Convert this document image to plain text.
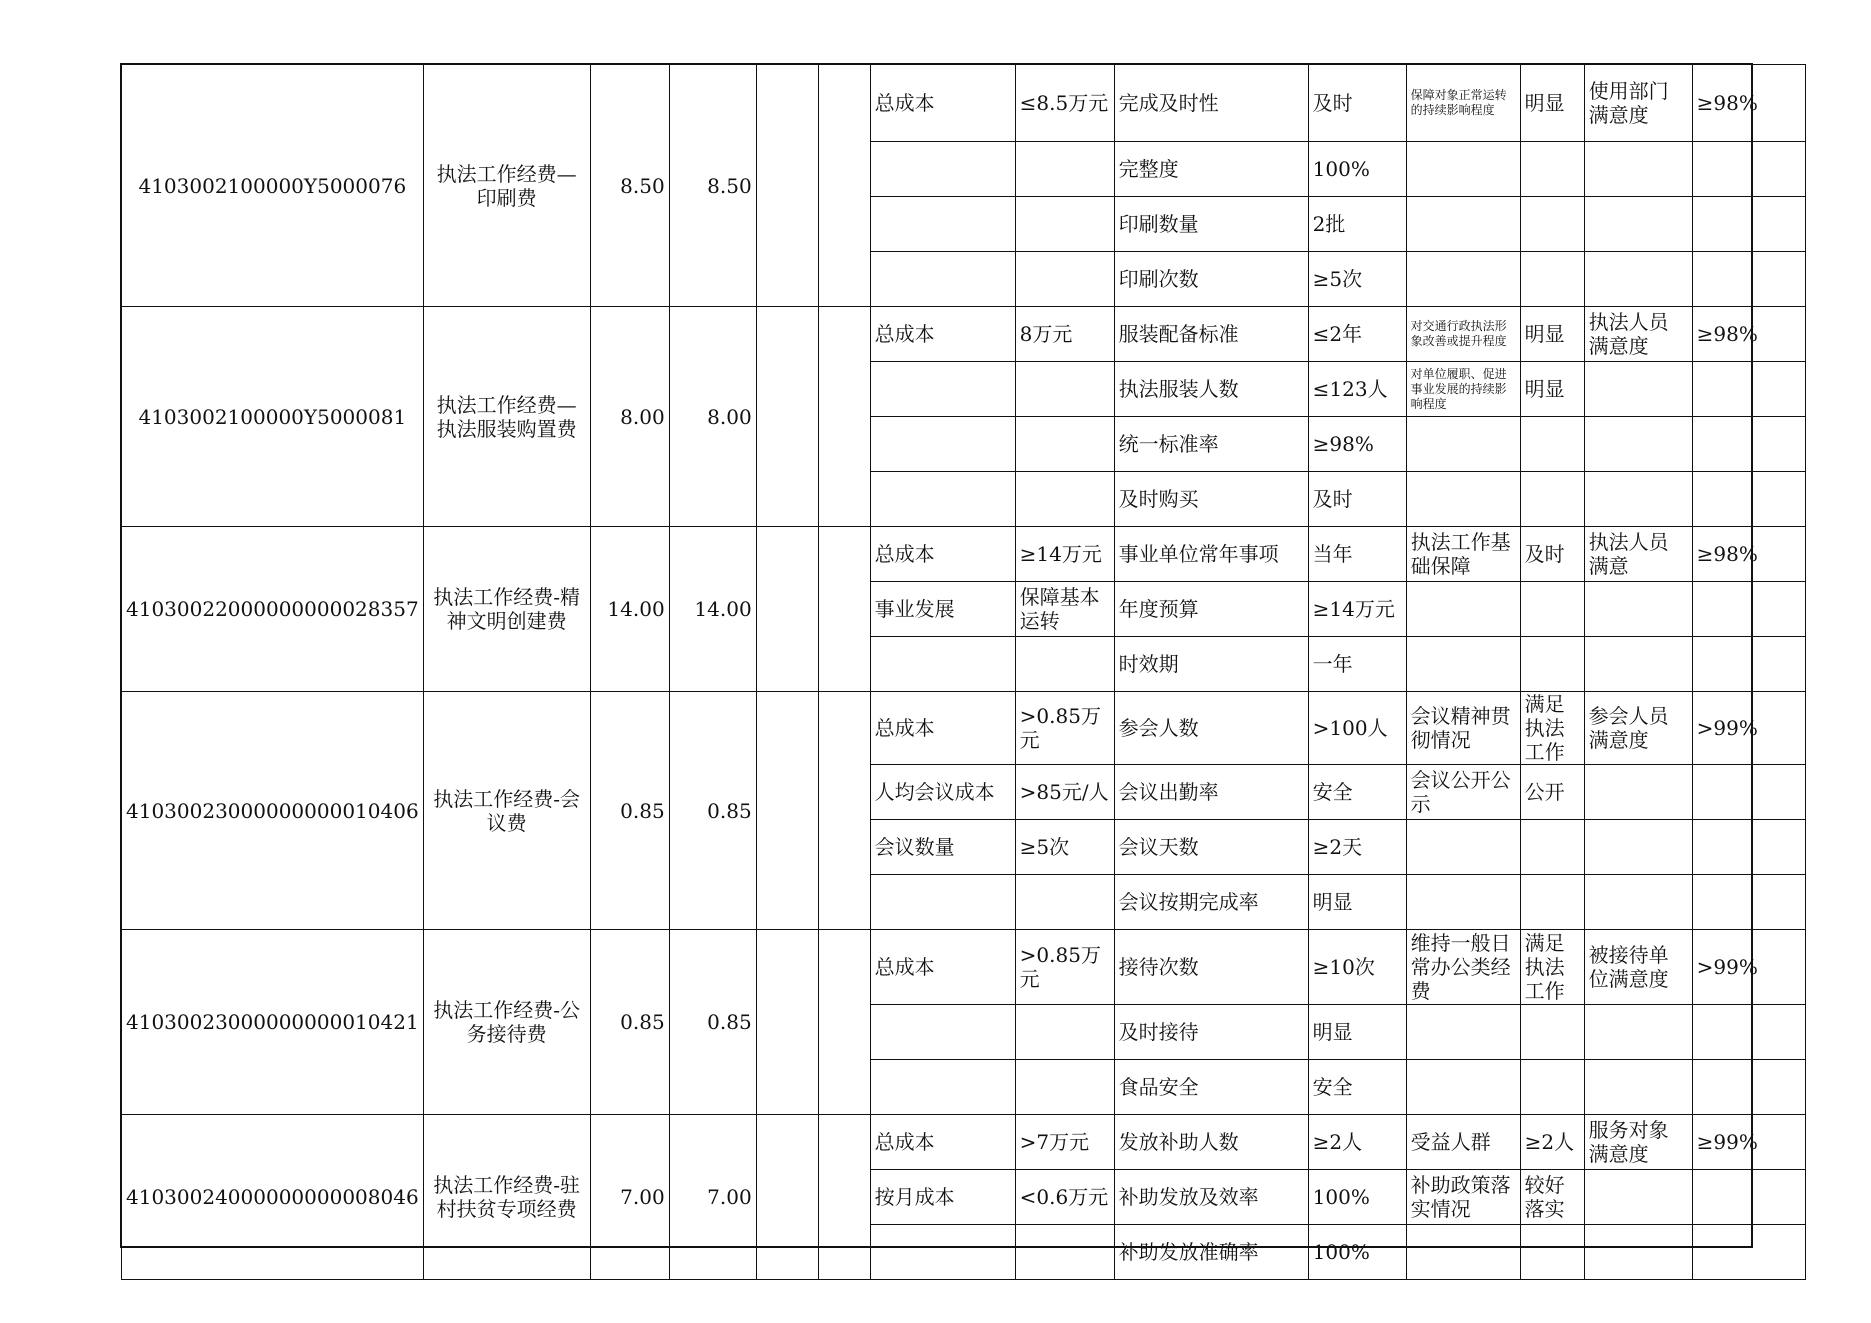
4103002100000Y5000076	执法工作经费—印刷费	8.50	8.50			总成本	≤8.5万元	完成及时性	及时	保障对象正常运转的持续影响程度	明显	使用部门满意度	≥98%
								完整度	100%				
								印刷数量	2批				
								印刷次数	≥5次				
4103002100000Y5000081	执法工作经费—执法服装购置费	8.00	8.00			总成本	8万元	服装配备标准	≤2年	对交通行政执法形象改善或提升程度	明显	执法人员满意度	≥98%
								执法服装人数	≤123人	对单位履职、促进事业发展的持续影响程度	明显		
								统一标准率	≥98%				
								及时购买	及时				
41030022000000000028357	执法工作经费-精神文明创建费	14.00	14.00			总成本	≥14万元	事业单位常年事项	当年	执法工作基础保障	及时	执法人员满意	≥98%
						事业发展	保障基本运转	年度预算	≥14万元				
								时效期	一年				
41030023000000000010406	执法工作经费-会议费	0.85	0.85			总成本	>0.85万元	参会人数	>100人	会议精神贯彻情况	满足执法工作	参会人员满意度	>99%
						人均会议成本	>85元/人	会议出勤率	安全	会议公开公示	公开		
						会议数量	≥5次	会议天数	≥2天				
								会议按期完成率	明显				
41030023000000000010421	执法工作经费-公务接待费	0.85	0.85			总成本	>0.85万元	接待次数	≥10次	维持一般日常办公类经费	满足执法工作	被接待单位满意度	>99%
								及时接待	明显				
								食品安全	安全				
41030024000000000008046	执法工作经费-驻村扶贫专项经费	7.00	7.00			总成本	>7万元	发放补助人数	≥2人	受益人群	≥2人	服务对象满意度	≥99%
						按月成本	<0.6万元	补助发放及效率	100%	补助政策落实情况	较好落实		
								补助发放准确率	100%				
